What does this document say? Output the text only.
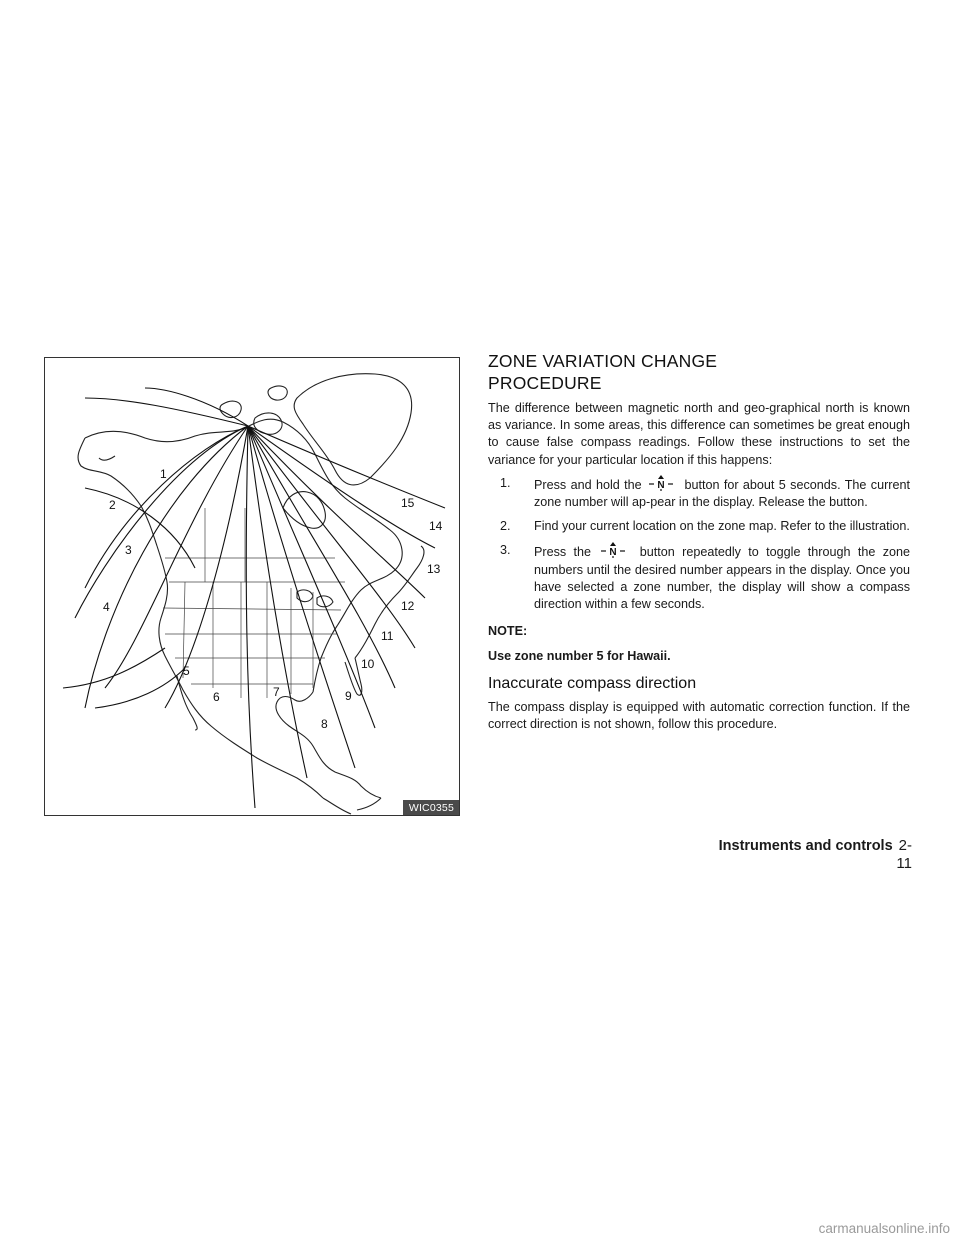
1
2
3
4
5
6	7
8
9
10
11
12
13
14
15
WIC0355
ZONE VARIATION CHANGE
PROCEDURE

The difference between magnetic north and geo-graphical north is known as variance. In some areas, this difference can sometimes be great enough to cause false compass readings. Follow these instructions to set the variance for your particular location if this happens:

1. Press and hold the N button for about 5 seconds. The current zone number will ap-pear in the display. Release the button.
2. Find your current location on the zone map. Refer to the illustration.
3. Press the N button repeatedly to toggle through the zone numbers until the desired number appears in the display. Once you have selected a zone number, the display will show a compass direction within a few seconds.

NOTE:

Use zone number 5 for Hawaii.

Inaccurate compass direction

The compass display is equipped with automatic correction function. If the correct direction is not shown, follow this procedure.

Instruments and controls 2-11
carmanualsonline.info
